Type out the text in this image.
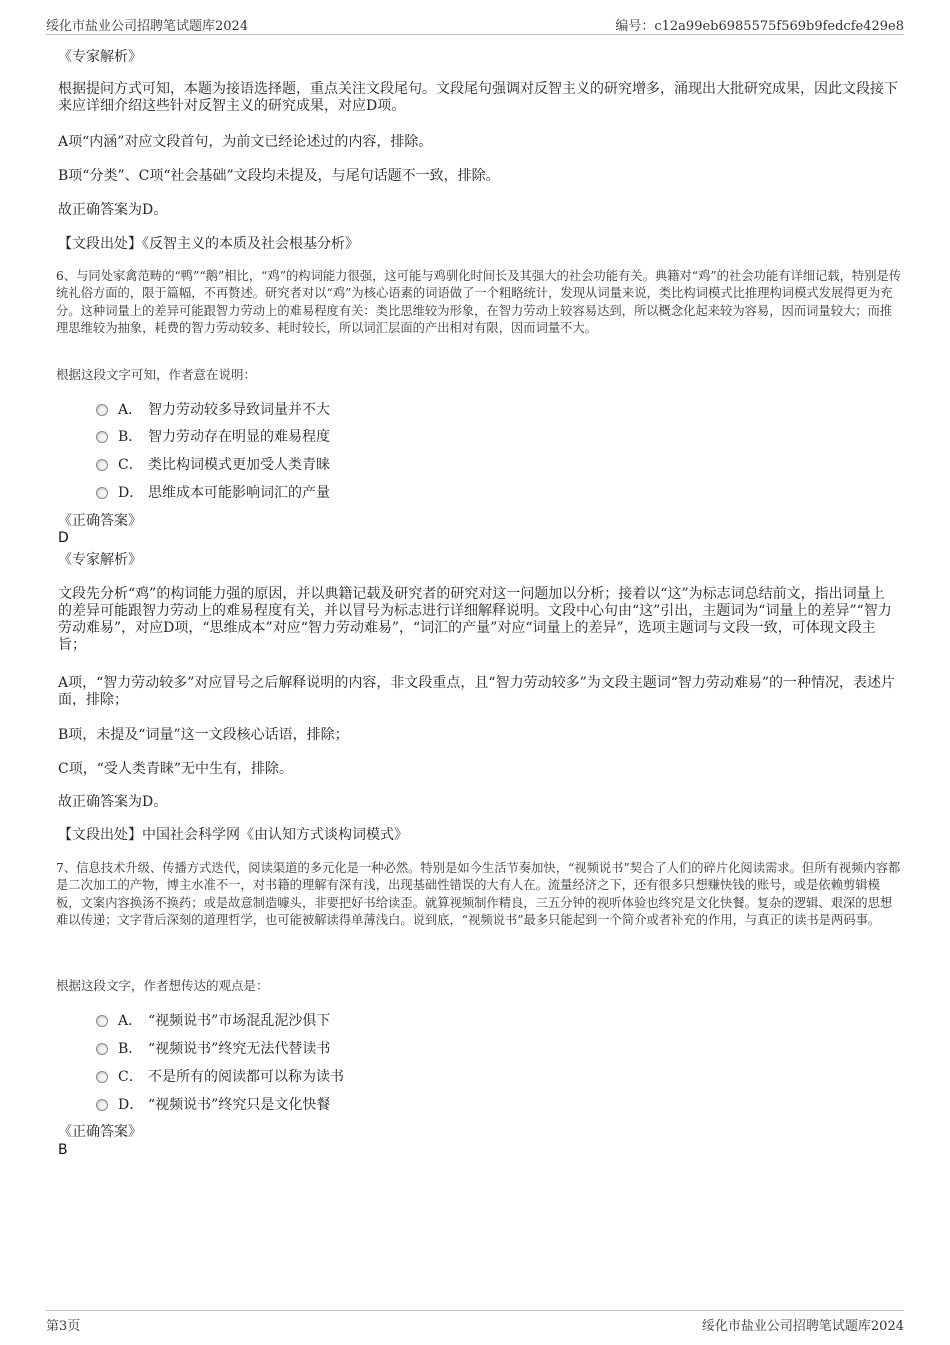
绥化市盐业公司招聘笔试题库2024	编号：c12a99eb6985575f569b9fedcfe429e8

《专家解析》

根据提问方式可知，本题为接语选择题，重点关注文段尾句。文段尾句强调对反智主义的研究增多，涌现出大批研究成果，因此文段接下来应详细介绍这些针对反智主义的研究成果，对应D项。

A项“内涵”对应文段首句，为前文已经论述过的内容，排除。

B项“分类”、C项“社会基础”文段均未提及，与尾句话题不一致，排除。

故正确答案为D。

【文段出处】《反智主义的本质及社会根基分析》

6、与同处家禽范畴的“鸭”“鹅”相比，“鸡”的构词能力很强，这可能与鸡驯化时间长及其强大的社会功能有关。典籍对“鸡”的社会功能有详细记载，特别是传统礼俗方面的，限于篇幅，不再赘述。研究者对以“鸡”为核心语素的词语做了一个粗略统计，发现从词量来说，类比构词模式比推理构词模式发展得更为充分。这种词量上的差异可能跟智力劳动上的难易程度有关：类比思维较为形象，在智力劳动上较容易达到，所以概念化起来较为容易，因而词量较大；而推理思维较为抽象，耗费的智力劳动较多、耗时较长，所以词汇层面的产出相对有限，因而词量不大。

根据这段文字可知，作者意在说明：

A． 智力劳动较多导致词量并不大
B． 智力劳动存在明显的难易程度
C． 类比构词模式更加受人类青睐
D． 思维成本可能影响词汇的产量

《正确答案》

D

《专家解析》

文段先分析“鸡”的构词能力强的原因，并以典籍记载及研究者的研究对这一问题加以分析；接着以“这”为标志词总结前文，指出词量上的差异可能跟智力劳动上的难易程度有关，并以冒号为标志进行详细解释说明。文段中心句由“这”引出，主题词为“词量上的差异”“智力劳动难易”，对应D项，“思维成本”对应“智力劳动难易”，“词汇的产量”对应“词量上的差异”，选项主题词与文段一致，可体现文段主旨；

A项，“智力劳动较多”对应冒号之后解释说明的内容，非文段重点，且“智力劳动较多”为文段主题词“智力劳动难易”的一种情况，表述片面，排除；

B项，未提及“词量”这一文段核心话语，排除；

C项，“受人类青睐”无中生有，排除。

故正确答案为D。

【文段出处】中国社会科学网《由认知方式谈构词模式》

7、信息技术升级、传播方式迭代，阅读渠道的多元化是一种必然。特别是如今生活节奏加快，“视频说书”契合了人们的碎片化阅读需求。但所有视频内容都是二次加工的产物，博主水准不一，对书籍的理解有深有浅，出现基础性错误的大有人在。流量经济之下，还有很多只想赚快钱的账号，或是依赖剪辑模板，文案内容换汤不换药；或是故意制造噱头，非要把好书给读歪。就算视频制作精良，三五分钟的视听体验也终究是文化快餐。复杂的逻辑、艰深的思想难以传递；文字背后深刻的道理哲学，也可能被解读得单薄浅白。说到底，“视频说书”最多只能起到一个简介或者补充的作用，与真正的读书是两码事。

根据这段文字，作者想传达的观点是：

A． “视频说书”市场混乱泥沙俱下
B． “视频说书”终究无法代替读书
C． 不是所有的阅读都可以称为读书
D． “视频说书”终究只是文化快餐

《正确答案》

B
第3页	绥化市盐业公司招聘笔试题库2024
